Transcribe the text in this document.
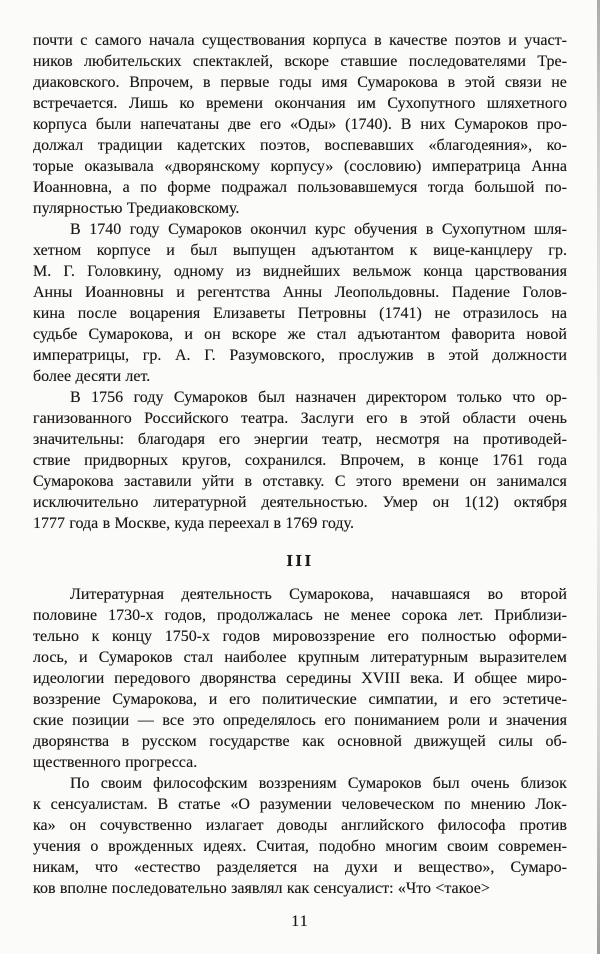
почти с самого начала существования корпуса в качестве поэтов и участ-
ников любительских спектаклей, вскоре ставшие последователями Тре-
диаковского. Впрочем, в первые годы имя Сумарокова в этой связи не
встречается. Лишь ко времени окончания им Сухопутного шляхетного
корпуса были напечатаны две его «Оды» (1740). В них Сумароков про-
должал традиции кадетских поэтов, воспевавших «благодеяния», ко-
торые оказывала «дворянскому корпусу» (сословию) императрица Анна
Иоанновна, а по форме подражал пользовавшемуся тогда большой по-
пулярностью Тредиаковскому.
В 1740 году Сумароков окончил курс обучения в Сухопутном шля-
хетном корпусе и был выпущен адъютантом к вице-канцлеру гр.
М. Г. Головкину, одному из виднейших вельмож конца царствования
Анны Иоанновны и регентства Анны Леопольдовны. Падение Голов-
кина после воцарения Елизаветы Петровны (1741) не отразилось на
судьбе Сумарокова, и он вскоре же стал адъютантом фаворита новой
императрицы, гр. А. Г. Разумовского, прослужив в этой должности
более десяти лет.
В 1756 году Сумароков был назначен директором только что ор-
ганизованного Российского театра. Заслуги его в этой области очень
значительны: благодаря его энергии театр, несмотря на противодей-
ствие придворных кругов, сохранился. Впрочем, в конце 1761 года
Сумарокова заставили уйти в отставку. С этого времени он занимался
исключительно литературной деятельностью. Умер он 1(12) октября
1777 года в Москве, куда переехал в 1769 году.
III
Литературная деятельность Сумарокова, начавшаяся во второй
половине 1730-х годов, продолжалась не менее сорока лет. Приблизи-
тельно к концу 1750-х годов мировоззрение его полностью оформи-
лось, и Сумароков стал наиболее крупным литературным выразителем
идеологии передового дворянства середины XVIII века. И общее миро-
воззрение Сумарокова, и его политические симпатии, и его эстетиче-
ские позиции — все это определялось его пониманием роли и значения
дворянства в русском государстве как основной движущей силы об-
щественного прогресса.
По своим философским воззрениям Сумароков был очень близок
к сенсуалистам. В статье «О разумении человеческом по мнению Лок-
ка» он сочувственно излагает доводы английского философа против
учения о врожденных идеях. Считая, подобно многим своим современ-
никам, что «естество разделяется на духи и вещество», Сумаро-
ков вполне последовательно заявлял как сенсуалист: «Что <такое>
11
